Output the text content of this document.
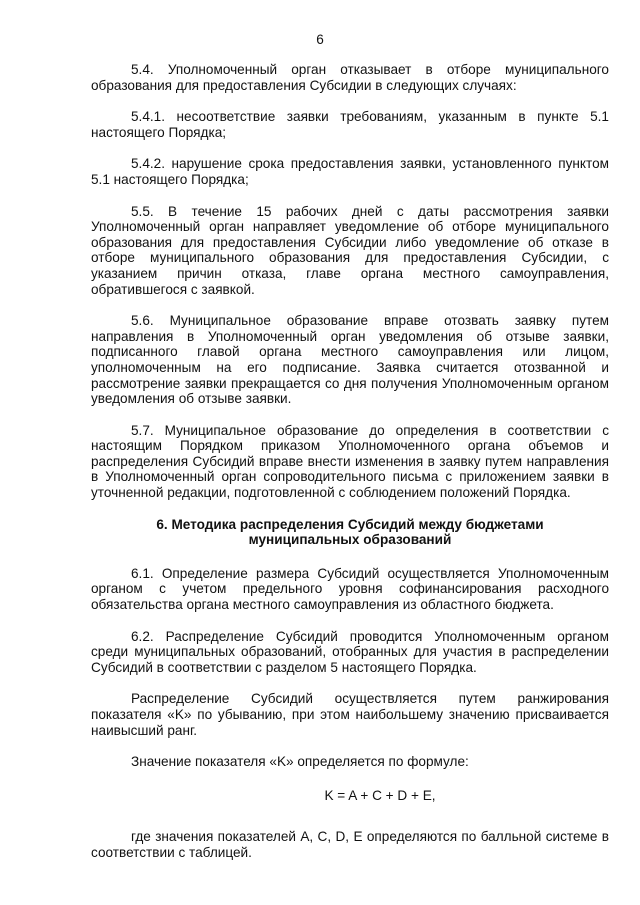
6

5.4. Уполномоченный орган отказывает в отборе муниципального образования для предоставления Субсидии в следующих случаях:

5.4.1. несоответствие заявки требованиям, указанным в пункте 5.1 настоящего Порядка;

5.4.2. нарушение срока предоставления заявки, установленного пунктом 5.1 настоящего Порядка;

5.5. В течение 15 рабочих дней с даты рассмотрения заявки Уполномоченный орган направляет уведомление об отборе муниципального образования для предоставления Субсидии либо уведомление об отказе в отборе муниципального образования для предоставления Субсидии, с указанием причин отказа, главе органа местного самоуправления, обратившегося с заявкой.

5.6. Муниципальное образование вправе отозвать заявку путем направления в Уполномоченный орган уведомления об отзыве заявки, подписанного главой органа местного самоуправления или лицом, уполномоченным на его подписание. Заявка считается отозванной и рассмотрение заявки прекращается со дня получения Уполномоченным органом уведомления об отзыве заявки.

5.7. Муниципальное образование до определения в соответствии с настоящим Порядком приказом Уполномоченного органа объемов и распределения Субсидий вправе внести изменения в заявку путем направления в Уполномоченный орган сопроводительного письма с приложением заявки в уточненной редакции, подготовленной с соблюдением положений Порядка.

6. Методика распределения Субсидий между бюджетами муниципальных образований

6.1. Определение размера Субсидий осуществляется Уполномоченным органом с учетом предельного уровня софинансирования расходного обязательства органа местного самоуправления из областного бюджета.

6.2. Распределение Субсидий проводится Уполномоченным органом среди муниципальных образований, отобранных для участия в распределении Субсидий в соответствии с разделом 5 настоящего Порядка.

Распределение Субсидий осуществляется путем ранжирования показателя «K» по убыванию, при этом наибольшему значению присваивается наивысший ранг.

Значение показателя «K» определяется по формуле:

K = A + C + D + E,

где значения показателей A, C, D, E определяются по балльной системе в соответствии с таблицей.
